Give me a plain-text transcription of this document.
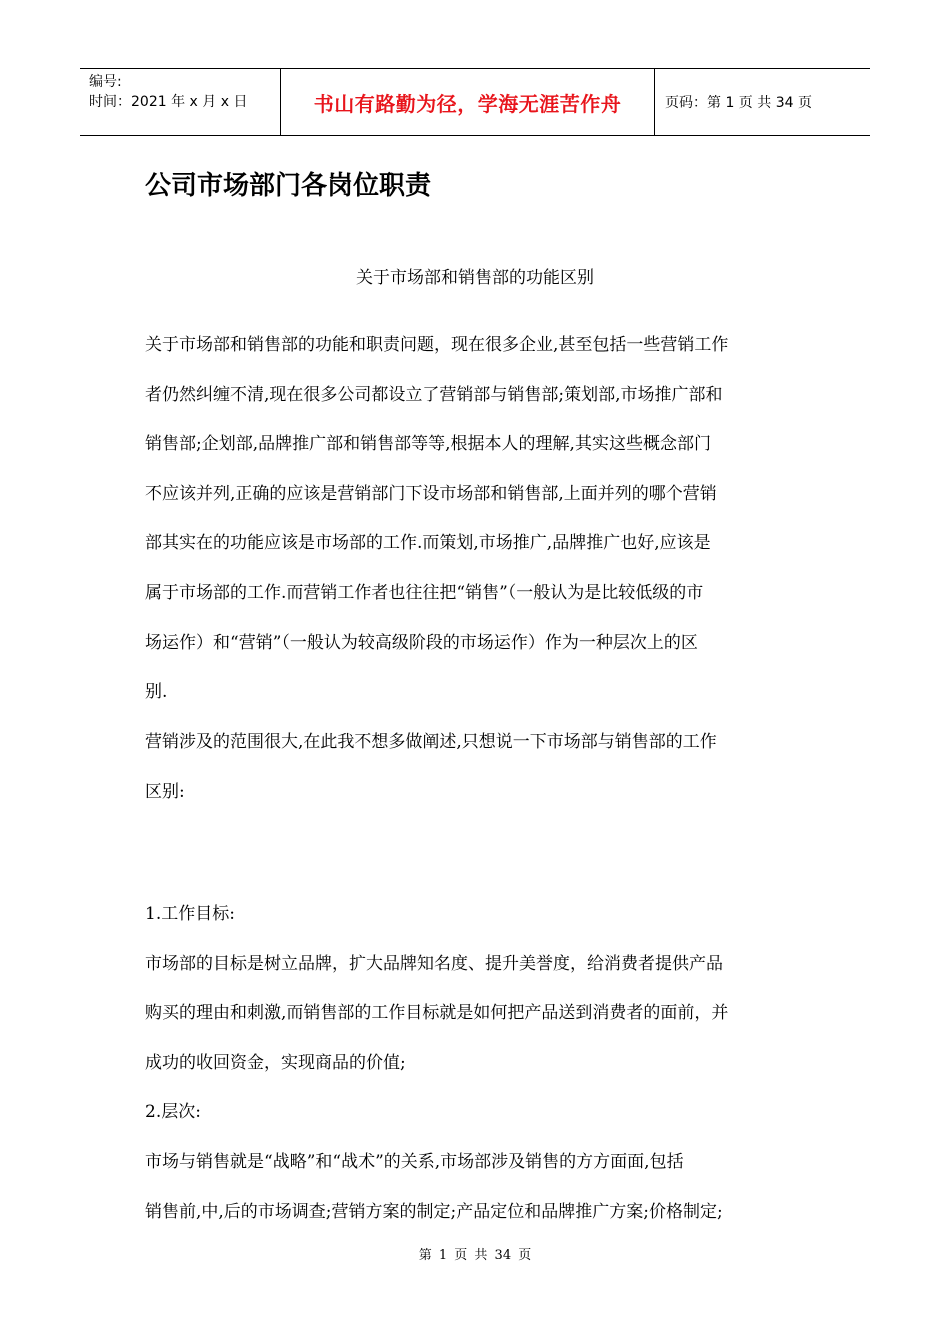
编号:
时间：2021 年 x 月 x 日	书山有路勤为径，学海无涯苦作舟	页码：第 1 页 共 34 页
公司市场部门各岗位职责
关于市场部和销售部的功能区别
关于市场部和销售部的功能和职责问题，现在很多企业,甚至包括一些营销工作
者仍然纠缠不清,现在很多公司都设立了营销部与销售部;策划部,市场推广部和
销售部;企划部,品牌推广部和销售部等等,根据本人的理解,其实这些概念部门
不应该并列,正确的应该是营销部门下设市场部和销售部,上面并列的哪个营销
部其实在的功能应该是市场部的工作.而策划,市场推广,品牌推广也好,应该是
属于市场部的工作.而营销工作者也往往把“销售”（一般认为是比较低级的市
场运作）和“营销”（一般认为较高级阶段的市场运作）作为一种层次上的区
别.
营销涉及的范围很大,在此我不想多做阐述,只想说一下市场部与销售部的工作
区别:
1.工作目标:
市场部的目标是树立品牌，扩大品牌知名度、提升美誉度，给消费者提供产品
购买的理由和刺激,而销售部的工作目标就是如何把产品送到消费者的面前，并
成功的收回资金，实现商品的价值;
2.层次:
市场与销售就是“战略”和“战术”的关系,市场部涉及销售的方方面面,包括
销售前,中,后的市场调查;营销方案的制定;产品定位和品牌推广方案;价格制定;
第 1 页 共 34 页
